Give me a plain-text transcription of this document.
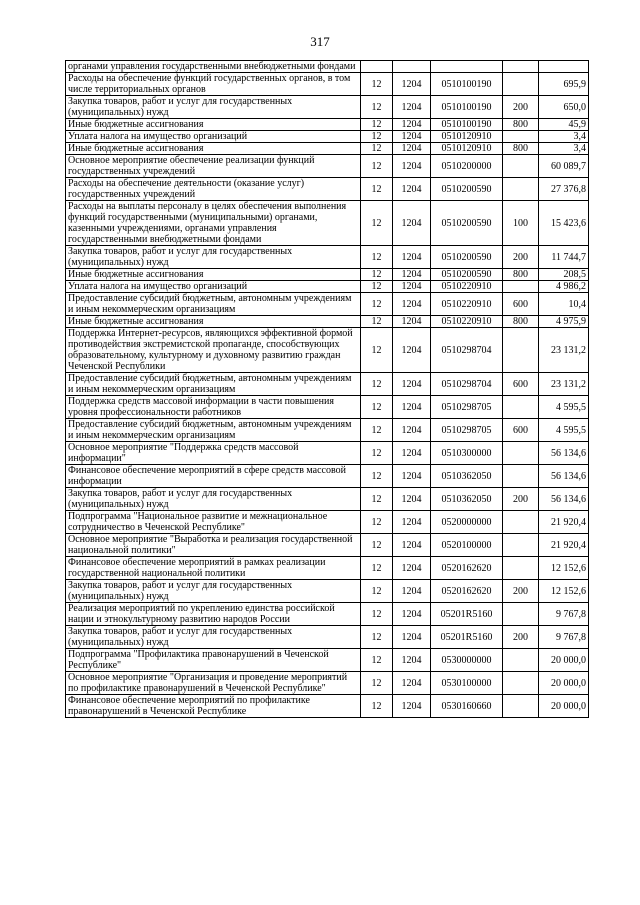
317
органами управления государственными внебюджетными фондами					
Расходы на обеспечение функций государственных органов, в том числе территориальных органов	12	1204	0510100190		695,9
Закупка товаров, работ и услуг для государственных (муниципальных) нужд	12	1204	0510100190	200	650,0
Иные бюджетные ассигнования	12	1204	0510100190	800	45,9
Уплата налога на имущество организаций	12	1204	0510120910		3,4
Иные бюджетные ассигнования	12	1204	0510120910	800	3,4
Основное мероприятие обеспечение реализации функций государственных учреждений	12	1204	0510200000		60 089,7
Расходы на обеспечение деятельности (оказание услуг) государственных учреждений	12	1204	0510200590		27 376,8
Расходы на выплаты персоналу в целях обеспечения выполнения функций государственными (муниципальными) органами, казенными учреждениями, органами управления государственными внебюджетными фондами	12	1204	0510200590	100	15 423,6
Закупка товаров, работ и услуг для государственных (муниципальных) нужд	12	1204	0510200590	200	11 744,7
Иные бюджетные ассигнования	12	1204	0510200590	800	208,5
Уплата налога на имущество организаций	12	1204	0510220910		4 986,2
Предоставление субсидий бюджетным, автономным учреждениям и иным некоммерческим организациям	12	1204	0510220910	600	10,4
Иные бюджетные ассигнования	12	1204	0510220910	800	4 975,9
Поддержка Интернет-ресурсов, являющихся эффективной формой противодействия экстремистской пропаганде, способствующих образовательному, культурному и духовному развитию граждан Чеченской Республики	12	1204	0510298704		23 131,2
Предоставление субсидий бюджетным, автономным учреждениям и иным некоммерческим организациям	12	1204	0510298704	600	23 131,2
Поддержка средств массовой информации в части повышения уровня профессиональности работников	12	1204	0510298705		4 595,5
Предоставление субсидий бюджетным, автономным учреждениям и иным некоммерческим организациям	12	1204	0510298705	600	4 595,5
Основное мероприятие "Поддержка средств массовой информации"	12	1204	0510300000		56 134,6
Финансовое обеспечение мероприятий в сфере средств массовой информации	12	1204	0510362050		56 134,6
Закупка товаров, работ и услуг для государственных (муниципальных) нужд	12	1204	0510362050	200	56 134,6
Подпрограмма "Национальное развитие и межнациональное сотрудничество в Чеченской Республике"	12	1204	0520000000		21 920,4
Основное мероприятие "Выработка и реализация государственной национальной политики"	12	1204	0520100000		21 920,4
Финансовое обеспечение мероприятий в рамках реализации государственной национальной политики	12	1204	0520162620		12 152,6
Закупка товаров, работ и услуг для государственных (муниципальных) нужд	12	1204	0520162620	200	12 152,6
Реализация мероприятий по укреплению единства российской нации и этнокультурному развитию народов России	12	1204	05201R5160		9 767,8
Закупка товаров, работ и услуг для государственных (муниципальных) нужд	12	1204	05201R5160	200	9 767,8
Подпрограмма "Профилактика правонарушений в Чеченской Республике"	12	1204	0530000000		20 000,0
Основное мероприятие "Организация и проведение мероприятий по профилактике правонарушений в Чеченской Республике"	12	1204	0530100000		20 000,0
Финансовое обеспечение мероприятий по профилактике правонарушений в Чеченской Республике	12	1204	0530160660		20 000,0
